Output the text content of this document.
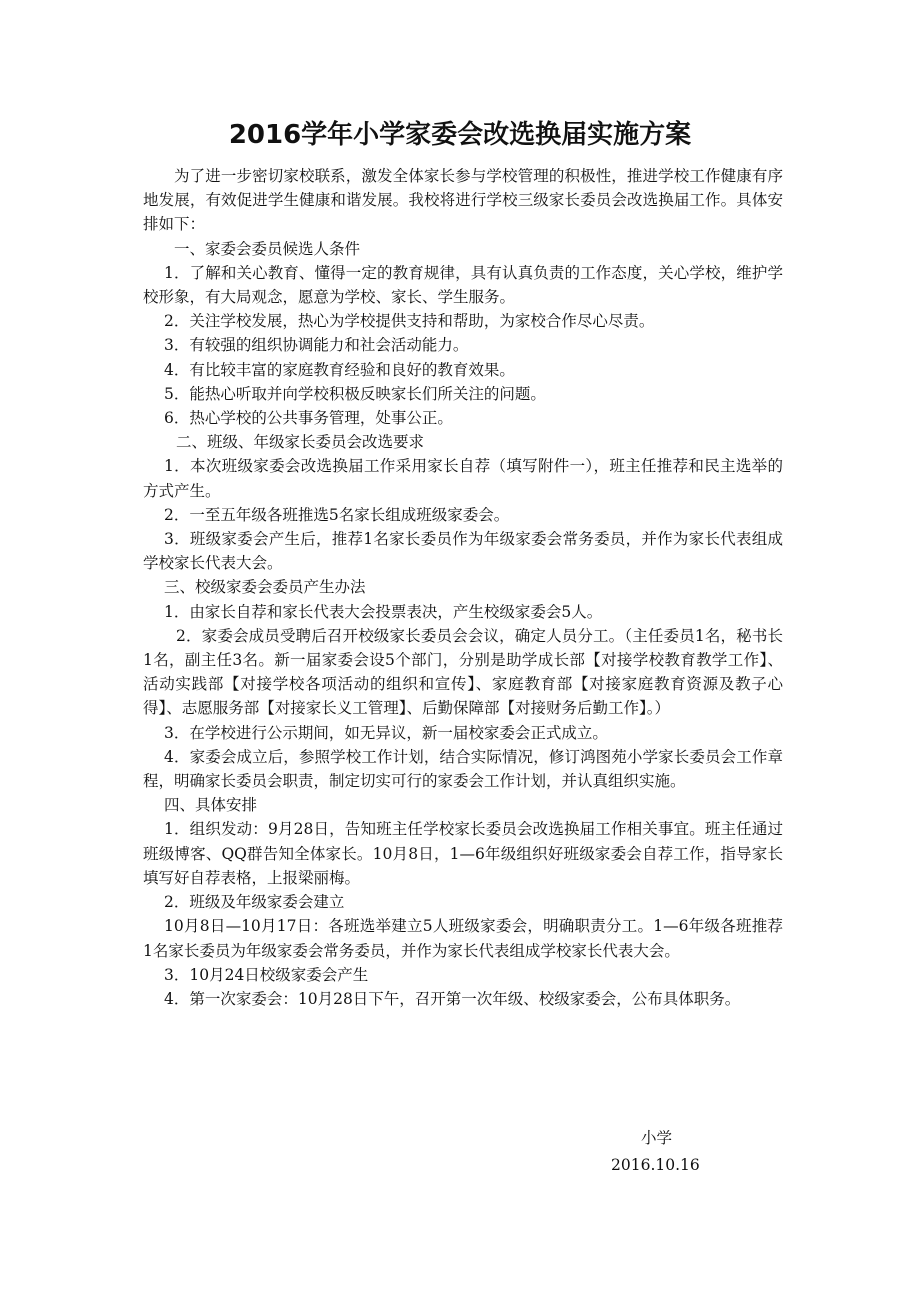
2016学年小学家委会改选换届实施方案

为了进一步密切家校联系，激发全体家长参与学校管理的积极性，推进学校工作健康有序地发展，有效促进学生健康和谐发展。我校将进行学校三级家长委员会改选换届工作。具体安排如下：

一、家委会委员候选人条件

1．了解和关心教育、懂得一定的教育规律，具有认真负责的工作态度，关心学校，维护学校形象，有大局观念，愿意为学校、家长、学生服务。

2．关注学校发展，热心为学校提供支持和帮助，为家校合作尽心尽责。

3．有较强的组织协调能力和社会活动能力。

4．有比较丰富的家庭教育经验和良好的教育效果。

5．能热心听取并向学校积极反映家长们所关注的问题。

6．热心学校的公共事务管理，处事公正。

二、班级、年级家长委员会改选要求

1．本次班级家委会改选换届工作采用家长自荐（填写附件一），班主任推荐和民主选举的方式产生。

2．一至五年级各班推选5名家长组成班级家委会。

3．班级家委会产生后，推荐1名家长委员作为年级家委会常务委员，并作为家长代表组成学校家长代表大会。

三、校级家委会委员产生办法

1．由家长自荐和家长代表大会投票表决，产生校级家委会5人。

2．家委会成员受聘后召开校级家长委员会会议，确定人员分工。（主任委员1名，秘书长1名，副主任3名。新一届家委会设5个部门，分别是助学成长部【对接学校教育教学工作】、活动实践部【对接学校各项活动的组织和宣传】、家庭教育部【对接家庭教育资源及教子心得】、志愿服务部【对接家长义工管理】、后勤保障部【对接财务后勤工作】。）

3．在学校进行公示期间，如无异议，新一届校家委会正式成立。

4．家委会成立后，参照学校工作计划，结合实际情况，修订鸿图苑小学家长委员会工作章程，明确家长委员会职责，制定切实可行的家委会工作计划，并认真组织实施。

四、具体安排

1．组织发动：9月28日，告知班主任学校家长委员会改选换届工作相关事宜。班主任通过班级博客、QQ群告知全体家长。10月8日，1—6年级组织好班级家委会自荐工作，指导家长填写好自荐表格，上报梁丽梅。

2．班级及年级家委会建立

10月8日—10月17日：各班选举建立5人班级家委会，明确职责分工。1—6年级各班推荐1名家长委员为年级家委会常务委员，并作为家长代表组成学校家长代表大会。

3．10月24日校级家委会产生

4．第一次家委会：10月28日下午，召开第一次年级、校级家委会，公布具体职务。

小学
2016.10.16
